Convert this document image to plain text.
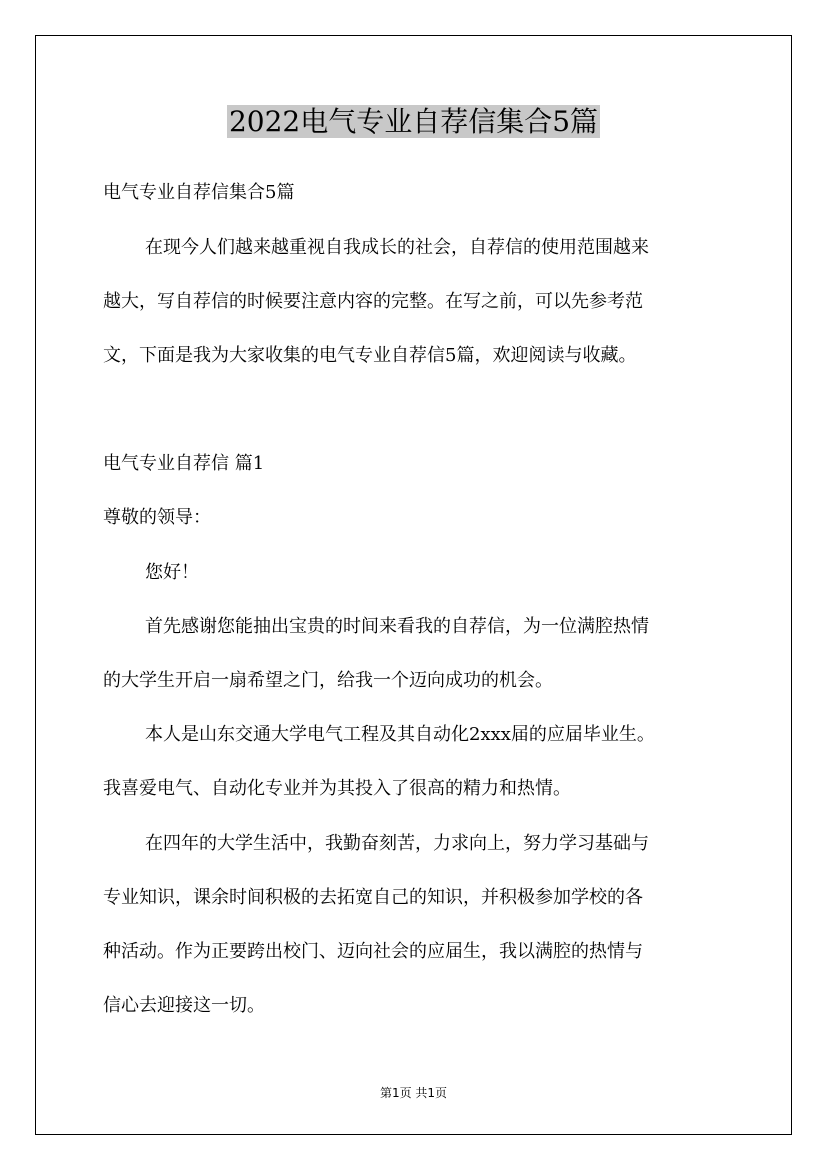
2022电气专业自荐信集合5篇
电气专业自荐信集合5篇
在现今人们越来越重视自我成长的社会，自荐信的使用范围越来
越大，写自荐信的时候要注意内容的完整。在写之前，可以先参考范
文，下面是我为大家收集的电气专业自荐信5篇，欢迎阅读与收藏。
电气专业自荐信 篇1
尊敬的领导：
您好！
首先感谢您能抽出宝贵的时间来看我的自荐信，为一位满腔热情
的大学生开启一扇希望之门，给我一个迈向成功的机会。
本人是山东交通大学电气工程及其自动化2xxx届的应届毕业生。
我喜爱电气、自动化专业并为其投入了很高的精力和热情。
在四年的大学生活中，我勤奋刻苦，力求向上，努力学习基础与
专业知识，课余时间积极的去拓宽自己的知识，并积极参加学校的各
种活动。作为正要跨出校门、迈向社会的应届生，我以满腔的热情与
信心去迎接这一切。
第1页 共1页
